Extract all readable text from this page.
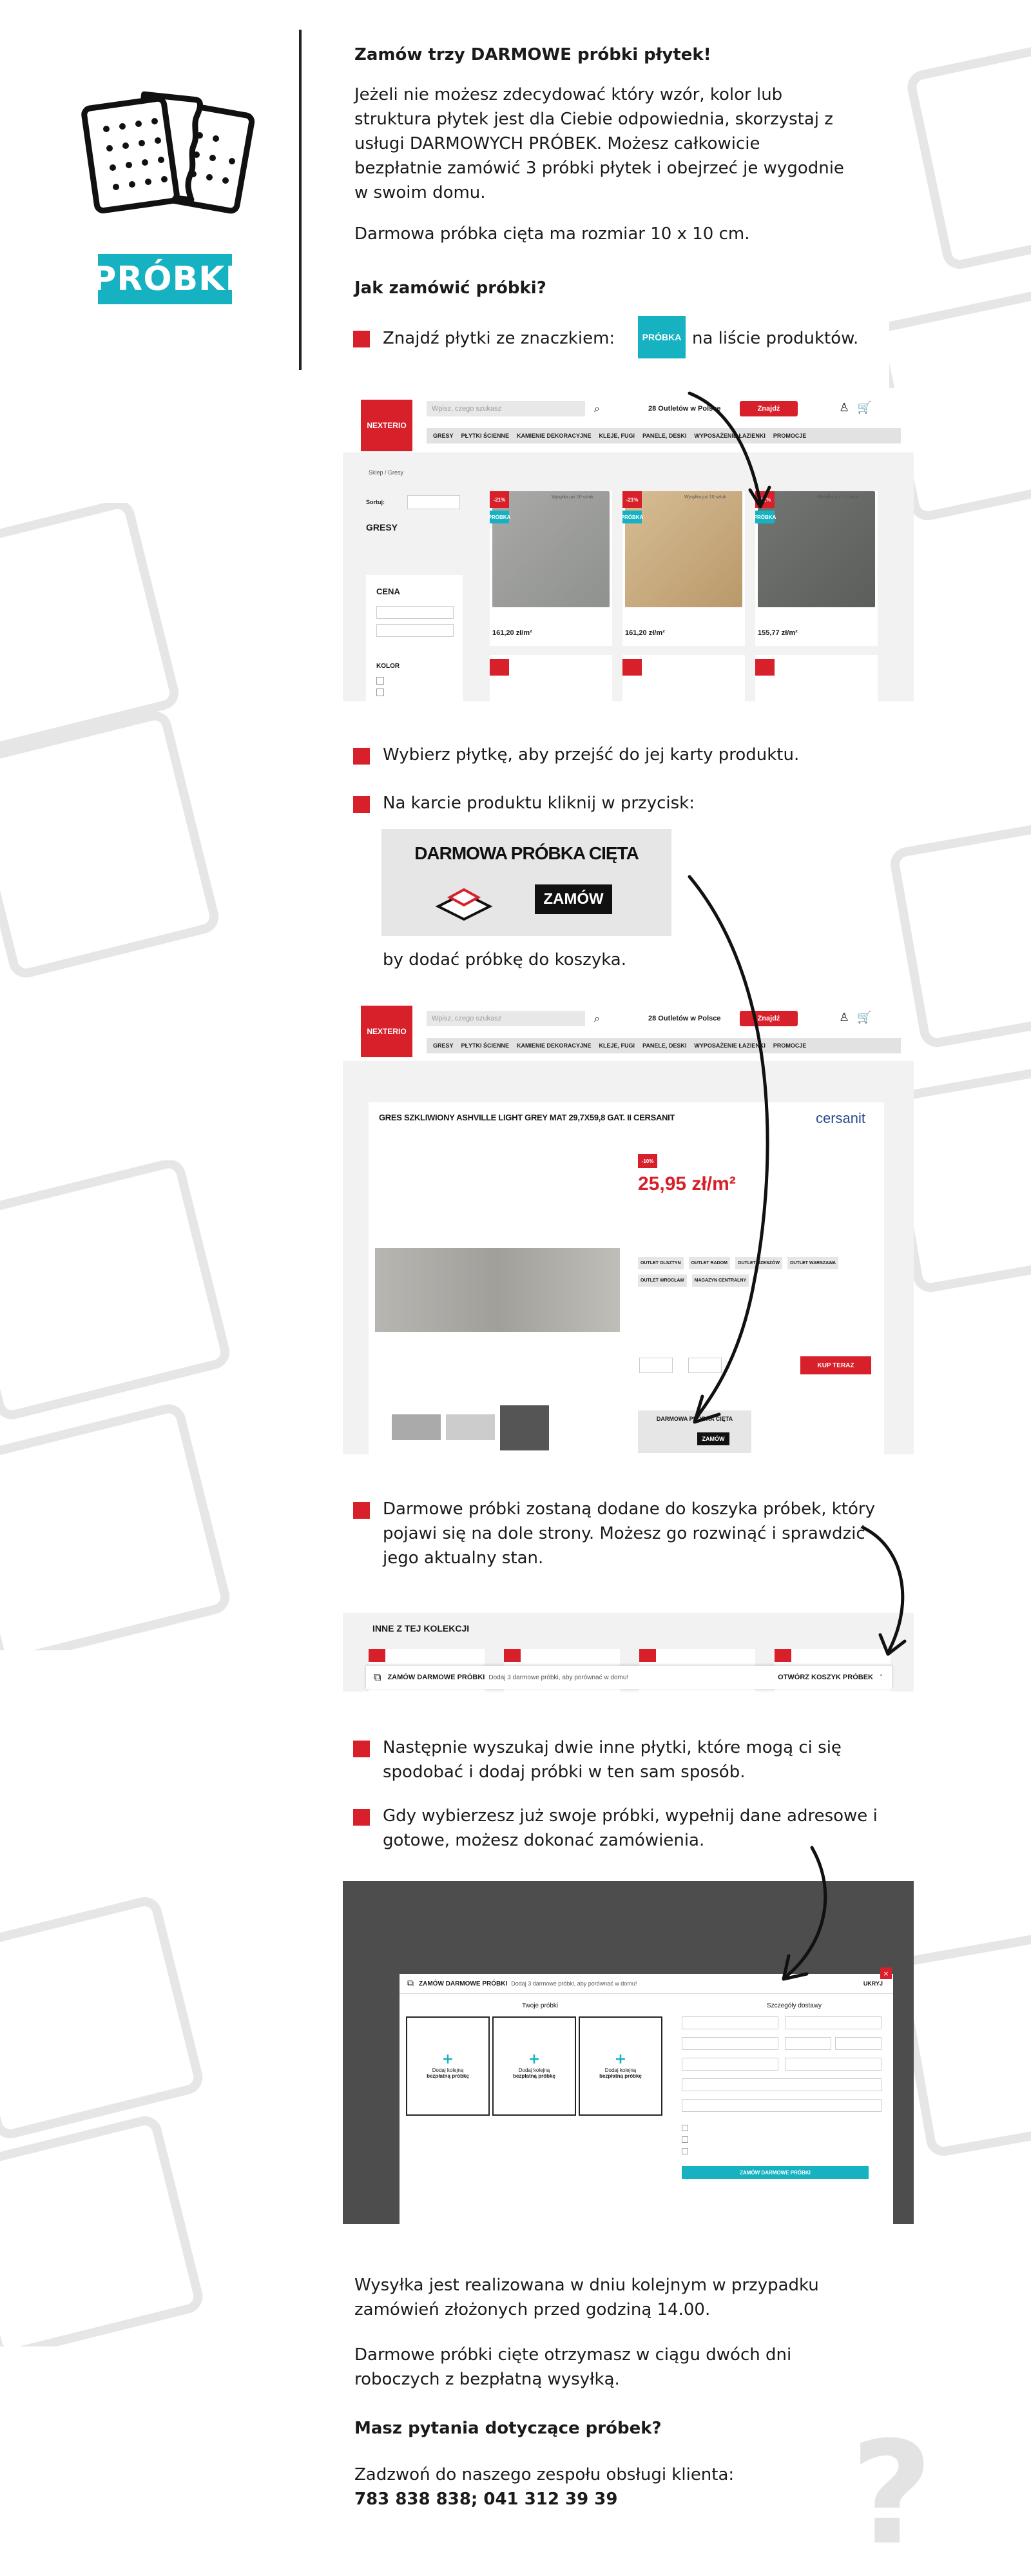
?
PRÓBKI
Zamów trzy DARMOWE próbki płytek!
Jeżeli nie możesz zdecydować który wzór, kolor lub struktura płytek jest dla Ciebie odpowiednia, skorzystaj z usługi DARMOWYCH PRÓBEK. Możesz całkowicie bezpłatnie zamówić 3 próbki płytek i obejrzeć je wygodnie w swoim domu.
Darmowa próbka cięta ma rozmiar 10 x 10 cm.
Jak zamówić próbki?
Znajdź płytki ze znaczkiem:	PRÓBKA na liście produktów.
NEXTERIO
Wpisz, czego szukasz	⌕	28 Outletów w Polsce	Znajdź	♙ 🛒
GRESY PŁYTKI ŚCIENNE KAMIENIE DEKORACYJNE KLEJE, FUGI PANELE, DESKI WYPOSAŻENIE ŁAZIENKI PROMOCJE
Sklep / Gresy
Sortuj:
GRESY
CENA
KOLOR
-21%
PRÓBKA
Wysyłka już 10 sztuk
161,20 zł/m²
-21%
PRÓBKA
Wysyłka już 10 sztuk
161,20 zł/m²
-21%
PRÓBKA
Wysyłka już 10 sztuk
155,77 zł/m²
Wybierz płytkę, aby przejść do jej karty produktu.
Na karcie produktu kliknij w przycisk:
DARMOWA PRÓBKA CIĘTA
ZAMÓW
by dodać próbkę do koszyka.
NEXTERIO
Wpisz, czego szukasz	⌕	28 Outletów w Polsce	Znajdź	♙ 🛒
GRESY PŁYTKI ŚCIENNE KAMIENIE DEKORACYJNE KLEJE, FUGI PANELE, DESKI WYPOSAŻENIE ŁAZIENKI PROMOCJE
GRES SZKLIWIONY ASHVILLE LIGHT GREY MAT 29,7X59,8 GAT. II CERSANIT	cersanit
-10%
25,95 zł/m²
OUTLET OLSZTYN	OUTLET RADOM	OUTLET RZESZÓW	OUTLET WARSZAWA
OUTLET WROCŁAW	MAGAZYN CENTRALNY
KUP TERAZ
DARMOWA PRÓBKA CIĘTA
ZAMÓW
Darmowe próbki zostaną dodane do koszyka próbek, który pojawi się na dole strony. Możesz go rozwinąć i sprawdzić jego aktualny stan.
INNE Z TEJ KOLEKCJI
⧉ ZAMÓW DARMOWE PRÓBKI Dodaj 3 darmowe próbki, aby porównać w domu!	OTWÓRZ KOSZYK PRÓBEK ˄
Następnie wyszukaj dwie inne płytki, które mogą ci się spodobać i dodaj próbki w ten sam sposób.
Gdy wybierzesz już swoje próbki, wypełnij dane adresowe i gotowe, możesz dokonać zamówienia.
⧉ ZAMÓW DARMOWE PRÓBKI Dodaj 3 darmowe próbki, aby porównać w domu!	UKRYJ
×
Twoje próbki	Szczegóły dostawy
+
Dodaj kolejną
bezpłatną próbkę
+
Dodaj kolejną
bezpłatną próbkę
+
Dodaj kolejną
bezpłatną próbkę
ZAMÓW DARMOWE PRÓBKI
Wysyłka jest realizowana w dniu kolejnym w przypadku zamówień złożonych przed godziną 14.00.
Darmowe próbki cięte otrzymasz w ciągu dwóch dni roboczych z bezpłatną wysyłką.
Masz pytania dotyczące próbek?
Zadzwoń do naszego zespołu obsługi klienta:
783 838 838; 041 312 39 39
